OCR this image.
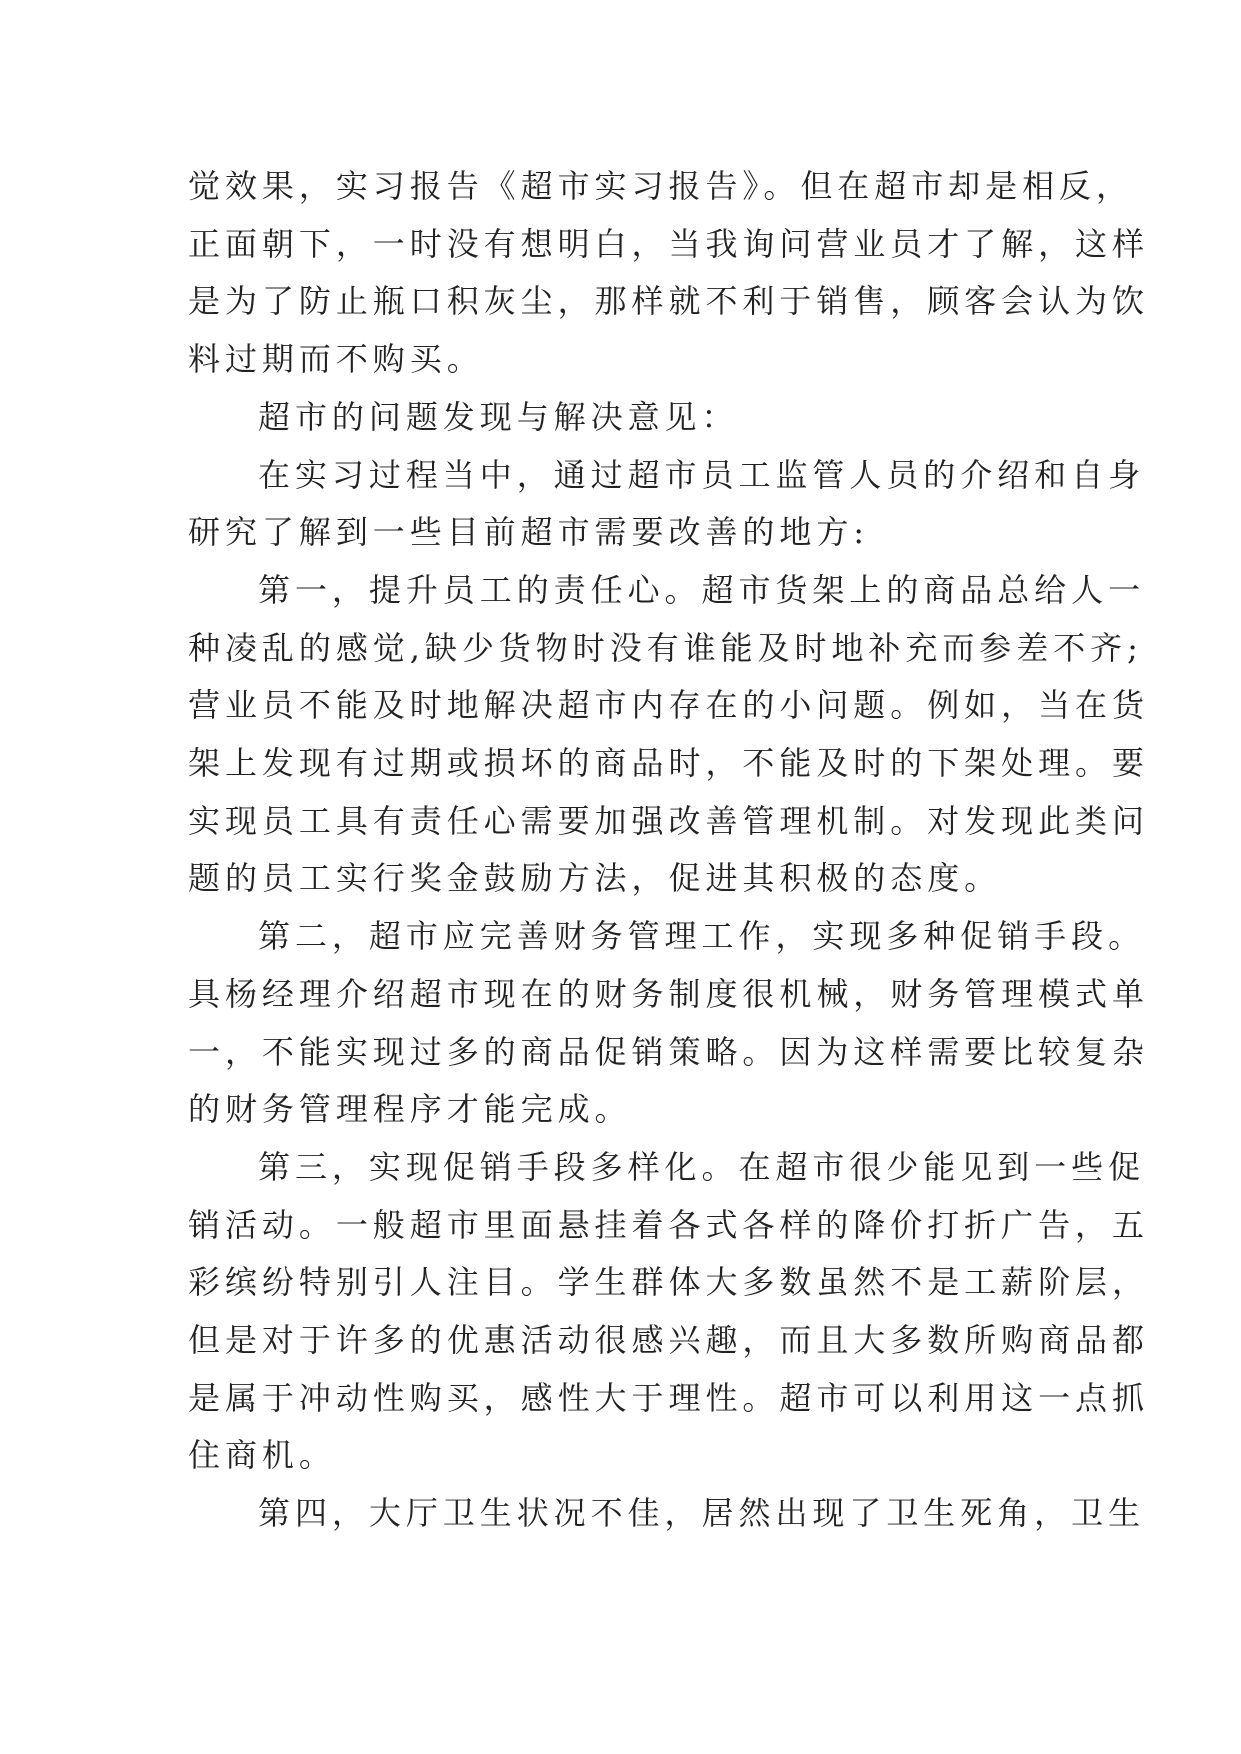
觉效果，实习报告《超市实习报告》。但在超市却是相反，
正面朝下，一时没有想明白，当我询问营业员才了解，这样
是为了防止瓶口积灰尘，那样就不利于销售，顾客会认为饮
料过期而不购买。

超市的问题发现与解决意见：

在实习过程当中，通过超市员工监管人员的介绍和自身
研究了解到一些目前超市需要改善的地方:

第一，提升员工的责任心。超市货架上的商品总给人一
种凌乱的感觉,缺少货物时没有谁能及时地补充而参差不齐;
营业员不能及时地解决超市内存在的小问题。例如，当在货
架上发现有过期或损坏的商品时，不能及时的下架处理。要
实现员工具有责任心需要加强改善管理机制。对发现此类问
题的员工实行奖金鼓励方法，促进其积极的态度。

第二，超市应完善财务管理工作，实现多种促销手段。
具杨经理介绍超市现在的财务制度很机械，财务管理模式单
一，不能实现过多的商品促销策略。因为这样需要比较复杂
的财务管理程序才能完成。

第三，实现促销手段多样化。在超市很少能见到一些促
销活动。一般超市里面悬挂着各式各样的降价打折广告，五
彩缤纷特别引人注目。学生群体大多数虽然不是工薪阶层，
但是对于许多的优惠活动很感兴趣，而且大多数所购商品都
是属于冲动性购买，感性大于理性。超市可以利用这一点抓
住商机。

第四，大厅卫生状况不佳，居然出现了卫生死角，卫生
